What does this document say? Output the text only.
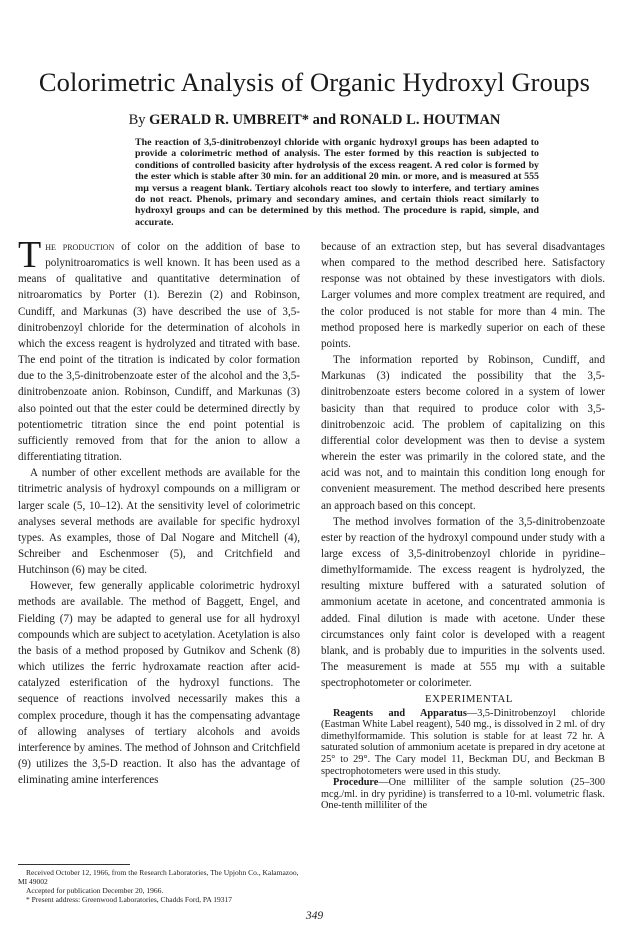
Colorimetric Analysis of Organic Hydroxyl Groups
By GERALD R. UMBREIT* and RONALD L. HOUTMAN
The reaction of 3,5-dinitrobenzoyl chloride with organic hydroxyl groups has been adapted to provide a colorimetric method of analysis. The ester formed by this reaction is subjected to conditions of controlled basicity after hydrolysis of the excess reagent. A red color is formed by the ester which is stable after 30 min. for an additional 20 min. or more, and is measured at 555 mμ versus a reagent blank. Tertiary alcohols react too slowly to interfere, and tertiary amines do not react. Phenols, primary and secondary amines, and certain thiols react similarly to hydroxyl groups and can be determined by this method. The procedure is rapid, simple, and accurate.

The production of color on the addition of base to polynitroaromatics is well known. It has been used as a means of qualitative and quantitative determination of nitroaromatics by Porter (1). Berezin (2) and Robinson, Cundiff, and Markunas (3) have described the use of 3,5-dinitrobenzoyl chloride for the determination of alcohols in which the excess reagent is hydrolyzed and titrated with base. The end point of the titration is indicated by color formation due to the 3,5-dinitrobenzoate ester of the alcohol and the 3,5-dinitrobenzoate anion. Robinson, Cundiff, and Markunas (3) also pointed out that the ester could be determined directly by potentiometric titration since the end point potential is sufficiently removed from that for the anion to allow a differentiating titration.

A number of other excellent methods are available for the titrimetric analysis of hydroxyl compounds on a milligram or larger scale (5, 10–12). At the sensitivity level of colorimetric analyses several methods are available for specific hydroxyl types. As examples, those of Dal Nogare and Mitchell (4), Schreiber and Eschenmoser (5), and Critchfield and Hutchinson (6) may be cited.

However, few generally applicable colorimetric hydroxyl methods are available. The method of Baggett, Engel, and Fielding (7) may be adapted to general use for all hydroxyl compounds which are subject to acetylation. Acetylation is also the basis of a method proposed by Gutnikov and Schenk (8) which utilizes the ferric hydroxamate reaction after acid-catalyzed esterification of the hydroxyl functions. The sequence of reactions involved necessarily makes this a complex procedure, though it has the compensating advantage of allowing analyses of tertiary alcohols and avoids interference by amines. The method of Johnson and Critchfield (9) utilizes the 3,5-D reaction. It also has the advantage of eliminating amine interferences

because of an extraction step, but has several disadvantages when compared to the method described here. Satisfactory response was not obtained by these investigators with diols. Larger volumes and more complex treatment are required, and the color produced is not stable for more than 4 min. The method proposed here is markedly superior on each of these points.

The information reported by Robinson, Cundiff, and Markunas (3) indicated the possibility that the 3,5-dinitrobenzoate esters become colored in a system of lower basicity than that required to produce color with 3,5-dinitrobenzoic acid. The problem of capitalizing on this differential color development was then to devise a system wherein the ester was primarily in the colored state, and the acid was not, and to maintain this condition long enough for convenient measurement. The method described here presents an approach based on this concept.

The method involves formation of the 3,5-dinitrobenzoate ester by reaction of the hydroxyl compound under study with a large excess of 3,5-dinitrobenzoyl chloride in pyridine–dimethylformamide. The excess reagent is hydrolyzed, the resulting mixture buffered with a saturated solution of ammonium acetate in acetone, and concentrated ammonia is added. Final dilution is made with acetone. Under these circumstances only faint color is developed with a reagent blank, and is probably due to impurities in the solvents used. The measurement is made at 555 mμ with a suitable spectrophotometer or colorimeter.

EXPERIMENTAL

Reagents and Apparatus—3,5-Dinitrobenzoyl chloride (Eastman White Label reagent), 540 mg., is dissolved in 2 ml. of dry dimethylformamide. This solution is stable for at least 72 hr. A saturated solution of ammonium acetate is prepared in dry acetone at 25° to 29°. The Cary model 11, Beckman DU, and Beckman B spectrophotometers were used in this study.

Procedure—One milliliter of the sample solution (25–300 mcg./ml. in dry pyridine) is transferred to a 10-ml. volumetric flask. One-tenth milliliter of the

Received October 12, 1966, from the Research Laboratories, The Upjohn Co., Kalamazoo, MI 49002
Accepted for publication December 20, 1966.
* Present address: Greenwood Laboratories, Chadds Ford, PA 19317
349
